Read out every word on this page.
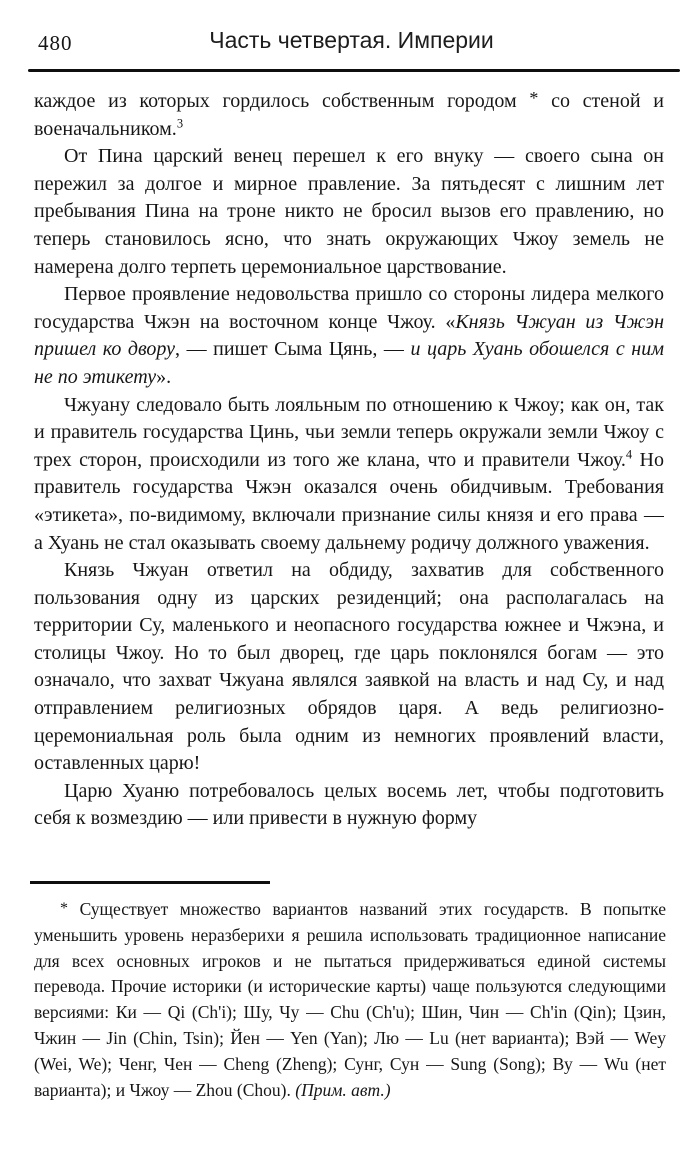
480	Часть четвертая. Империи

каждое из которых гордилось собственным городом * со стеной и военачальником.$^3$

От Пина царский венец перешел к его внуку — своего сына он пережил за долгое и мирное правление. За пятьдесят с лишним лет пребывания Пина на троне никто не бросил вызов его правлению, но теперь становилось ясно, что знать окружающих Чжоу земель не намерена долго терпеть церемониальное царствование.

Первое проявление недовольства пришло со стороны лидера мелкого государства Чжэн на восточном конце Чжоу. «Князь Чжуан из Чжэн пришел ко двору, — пишет Сыма Цянь, — и царь Хуань обошелся с ним не по этикету».

Чжуану следовало быть лояльным по отношению к Чжоу; как он, так и правитель государства Цинь, чьи земли теперь окружали земли Чжоу с трех сторон, происходили из того же клана, что и правители Чжоу.$^4$ Но правитель государства Чжэн оказался очень обидчивым. Требования «этикета», по-видимому, включали признание силы князя и его права — а Хуань не стал оказывать своему дальнему родичу должного уважения.

Князь Чжуан ответил на обдиду, захватив для собственного пользования одну из царских резиденций; она располагалась на территории Су, маленького и неопасного государства южнее и Чжэна, и столицы Чжоу. Но то был дворец, где царь поклонялся богам — это означало, что захват Чжуана являлся заявкой на власть и над Су, и над отправлением религиозных обрядов царя. А ведь религиозно-церемониальная роль была одним из немногих проявлений власти, оставленных царю!

Царю Хуаню потребовалось целых восемь лет, чтобы подготовить себя к возмездию — или привести в нужную форму

* Существует множество вариантов названий этих государств. В попытке уменьшить уровень неразберихи я решила использовать традиционное написание для всех основных игроков и не пытаться придерживаться единой системы перевода. Прочие историки (и исторические карты) чаще пользуются следующими версиями: Ки — Qi (Ch'i); Шу, Чу — Chu (Ch'u); Шин, Чин — Ch'in (Qin); Цзин, Чжин — Jin (Chin, Tsin); Йен — Yen (Yan); Лю — Lu (нет варианта); Вэй — Wey (Wei, We); Ченг, Чен — Cheng (Zheng); Сунг, Сун — Sung (Song); Ву — Wu (нет варианта); и Чжоу — Zhou (Chou). (Прим. авт.)
